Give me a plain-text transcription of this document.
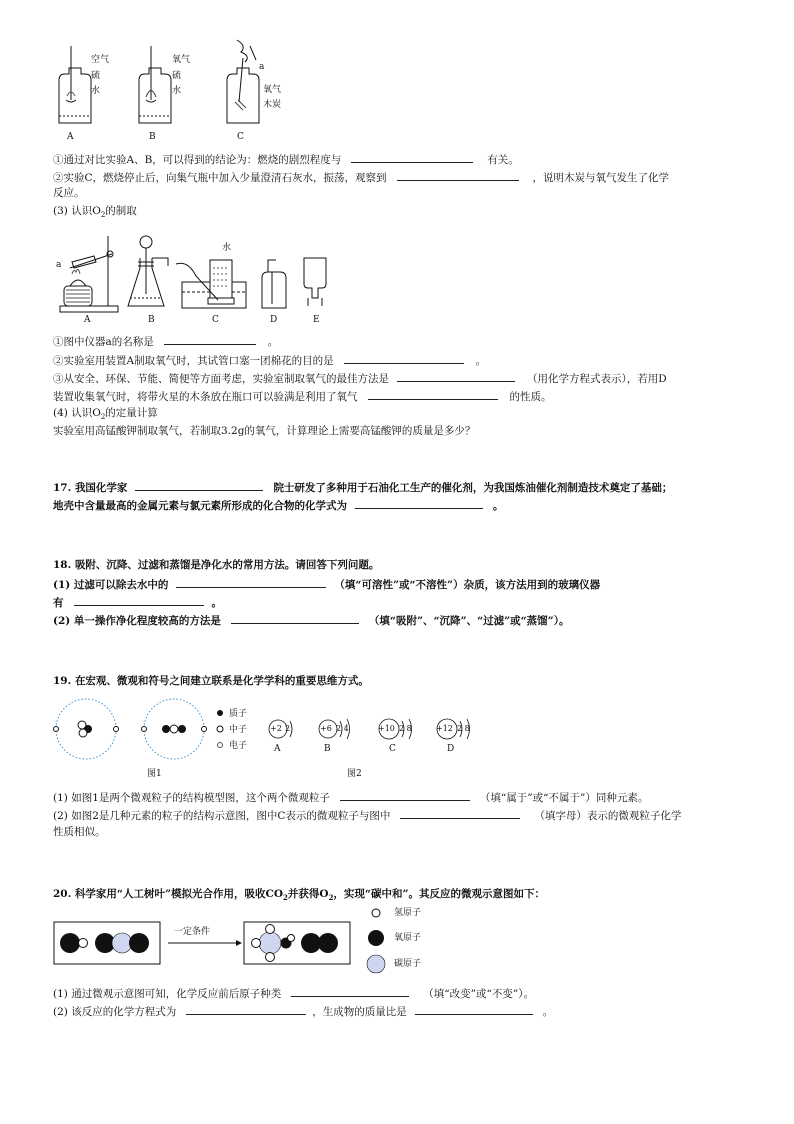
空气
硫
水
氧气
硫
水
a
氧气
木炭
A	B	C
①通过对比实验A、B，可以得到的结论为：燃烧的剧烈程度与	有关。
②实验C，燃烧停止后，向集气瓶中加入少量澄清石灰水，振荡，观察到	，说明木炭与氧气发生了化学
反应。
(3) 认识$O_2$的制取
a
水
A	B	C	D	E
①图中仪器a的名称是	。
②实验室用装置A制取氧气时，其试管口塞一团棉花的目的是	。
③从安全、环保、节能、简便等方面考虑，实验室制取氧气的最佳方法是	（用化学方程式表示），若用D
装置收集氧气时，将带火星的木条放在瓶口可以验满是利用了氧气	的性质。
(4) 认识$O_2$的定量计算
实验室用高锰酸钾制取氧气，若制取3.2g的氧气，计算理论上需要高锰酸钾的质量是多少？
17. 我国化学家	院士研发了多种用于石油化工生产的催化剂，为我国炼油催化剂制造技术奠定了基础；
地壳中含量最高的金属元素与氯元素所形成的化合物的化学式为	。
18. 吸附、沉降、过滤和蒸馏是净化水的常用方法。请回答下列问题。
(1) 过滤可以除去水中的	（填“可溶性”或“不溶性”）杂质，该方法用到的玻璃仪器
有	。
(2) 单一操作净化程度较高的方法是	（填“吸附”、“沉降”、“过滤”或“蒸馏”）。
19. 在宏观、微观和符号之间建立联系是化学学科的重要思维方式。
质子
中子
电子
+2 2
A
+6 2 4
B
+10 2 8
C
+12 2 8
D
图1	图2
(1) 如图1是两个微观粒子的结构模型图，这个两个微观粒子	（填“属于”或“不属于”）同种元素。
(2) 如图2是几种元素的粒子的结构示意图，图中C表示的微观粒子与图中	（填字母）表示的微观粒子化学
性质相似。
20. 科学家用“人工树叶”模拟光合作用，吸收$CO_2$并获得$O_2$，实现“碳中和”。其反应的微观示意图如下：
一定条件
氢原子
氧原子
碳原子
(1) 通过微观示意图可知，化学反应前后原子种类	（填“改变”或“不变”）。
(2) 该反应的化学方程式为	，生成物的质量比是	。
